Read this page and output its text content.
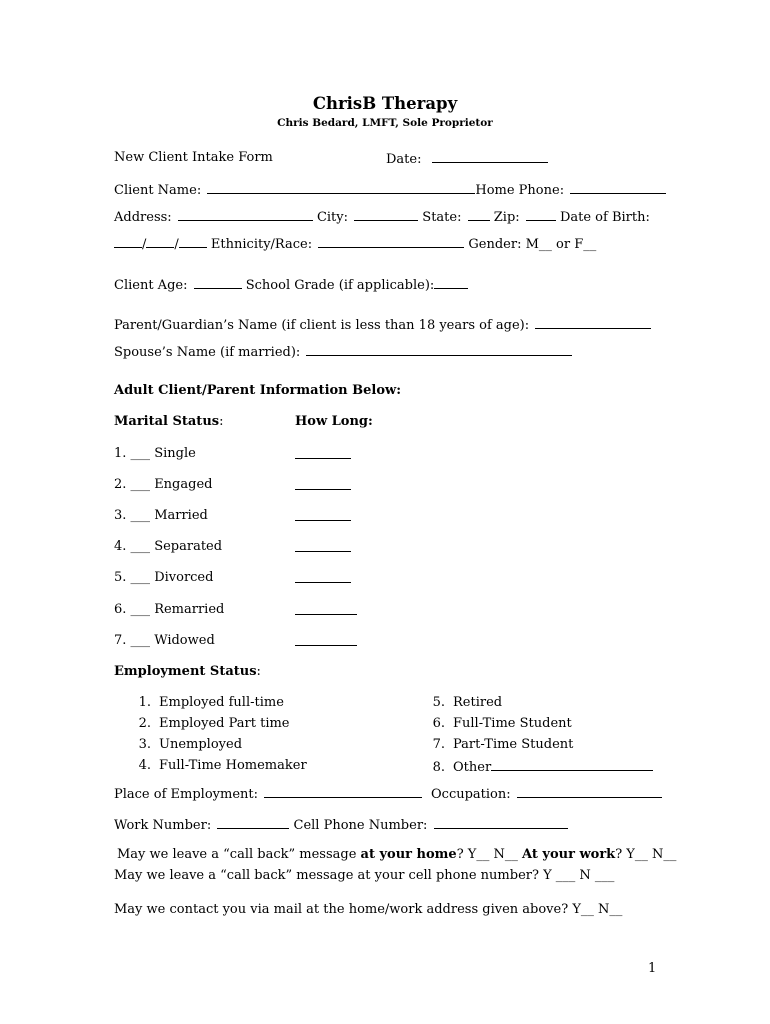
ChrisB Therapy
Chris Bedard, LMFT, Sole Proprietor
New Client Intake Form	Date:
Client Name:	Home Phone:
Address:	City:	State: Zip:	Date of Birth:
/ / Ethnicity/Race:	Gender: M__ or F__
Client Age:	School Grade (if applicable):
Parent/Guardian’s Name (if client is less than 18 years of age):
Spouse’s Name (if married):
Adult Client/Parent Information Below:
Marital Status:	How Long:
1. ___ Single
2. ___ Engaged
3. ___ Married
4. ___ Separated
5. ___ Divorced
6. ___ Remarried
7. ___ Widowed
Employment Status:
1. Employed full-time
2. Employed Part time
3. Unemployed
4. Full-Time Homemaker
5. Retired
6. Full-Time Student
7. Part-Time Student
8. Other
Place of Employment:	Occupation:
Work Number:	Cell Phone Number:
May we leave a “call back” message at your home? Y__ N__ At your work? Y__ N__
May we leave a “call back” message at your cell phone number? Y ___ N ___
May we contact you via mail at the home/work address given above? Y__ N__
1
